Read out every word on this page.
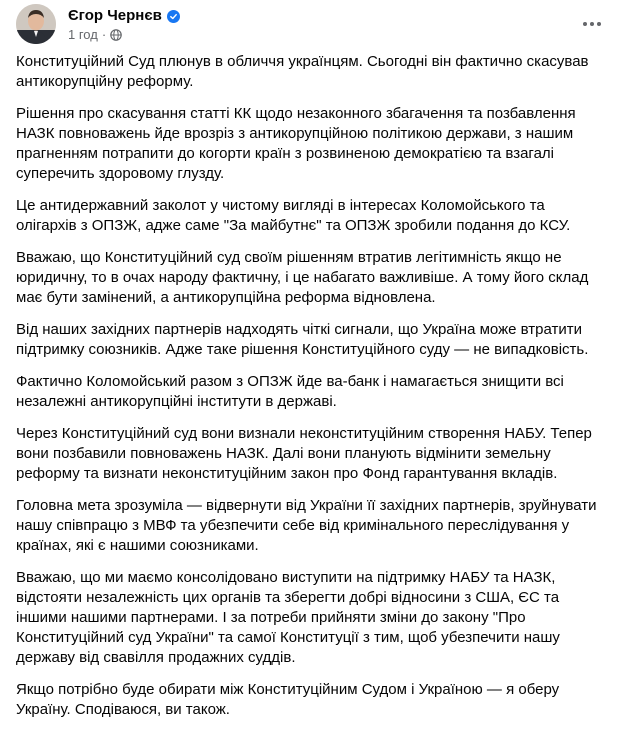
Єгор Чернєв
1 год ·

Конституційний Суд плюнув в обличчя українцям. Сьогодні він фактично скасував антикорупційну реформу.

Рішення про скасування статті КК щодо незаконного збагачення та позбавлення НАЗК повноважень йде врозріз з антикорупційною політикою держави, з нашим прагненням потрапити до когорти країн з розвиненою демократією та взагалі суперечить здоровому глузду.

Це антидержавний заколот у чистому вигляді в інтересах Коломойського та олігархів з ОПЗЖ, адже саме "За майбутнє" та ОПЗЖ зробили подання до КСУ.

Вважаю, що Конституційний суд своїм рішенням втратив легітимність якщо не юридичну, то в очах народу фактичну, і це набагато важливіше. А тому його склад має бути замінений, а антикорупційна реформа відновлена.

Від наших західних партнерів надходять чіткі сигнали, що Україна може втратити підтримку союзників. Адже таке рішення Конституційного суду — не випадковість.

Фактично Коломойський разом з ОПЗЖ йде ва-банк і намагається знищити всі незалежні антикорупційні інститути в державі.

Через Конституційний суд вони визнали неконституційним створення НАБУ. Тепер вони позбавили повноважень НАЗК. Далі вони планують відмінити земельну реформу та визнати неконституційним закон про Фонд гарантування вкладів.

Головна мета зрозуміла — відвернути від України її західних партнерів, зруйнувати нашу співпрацю з МВФ та убезпечити себе від кримінального переслідування у країнах, які є нашими союзниками.

Вважаю, що ми маємо консолідовано виступити на підтримку НАБУ та НАЗК, відстояти незалежність цих органів та зберегти добрі відносини з США, ЄС та іншими нашими партнерами. І за потреби прийняти зміни до закону "Про Конституційний суд України" та самої Конституції з тим, щоб убезпечити нашу державу від свавілля продажних суддів.

Якщо потрібно буде обирати між Конституційним Судом і Україною — я оберу Україну. Сподіваюся, ви також.
